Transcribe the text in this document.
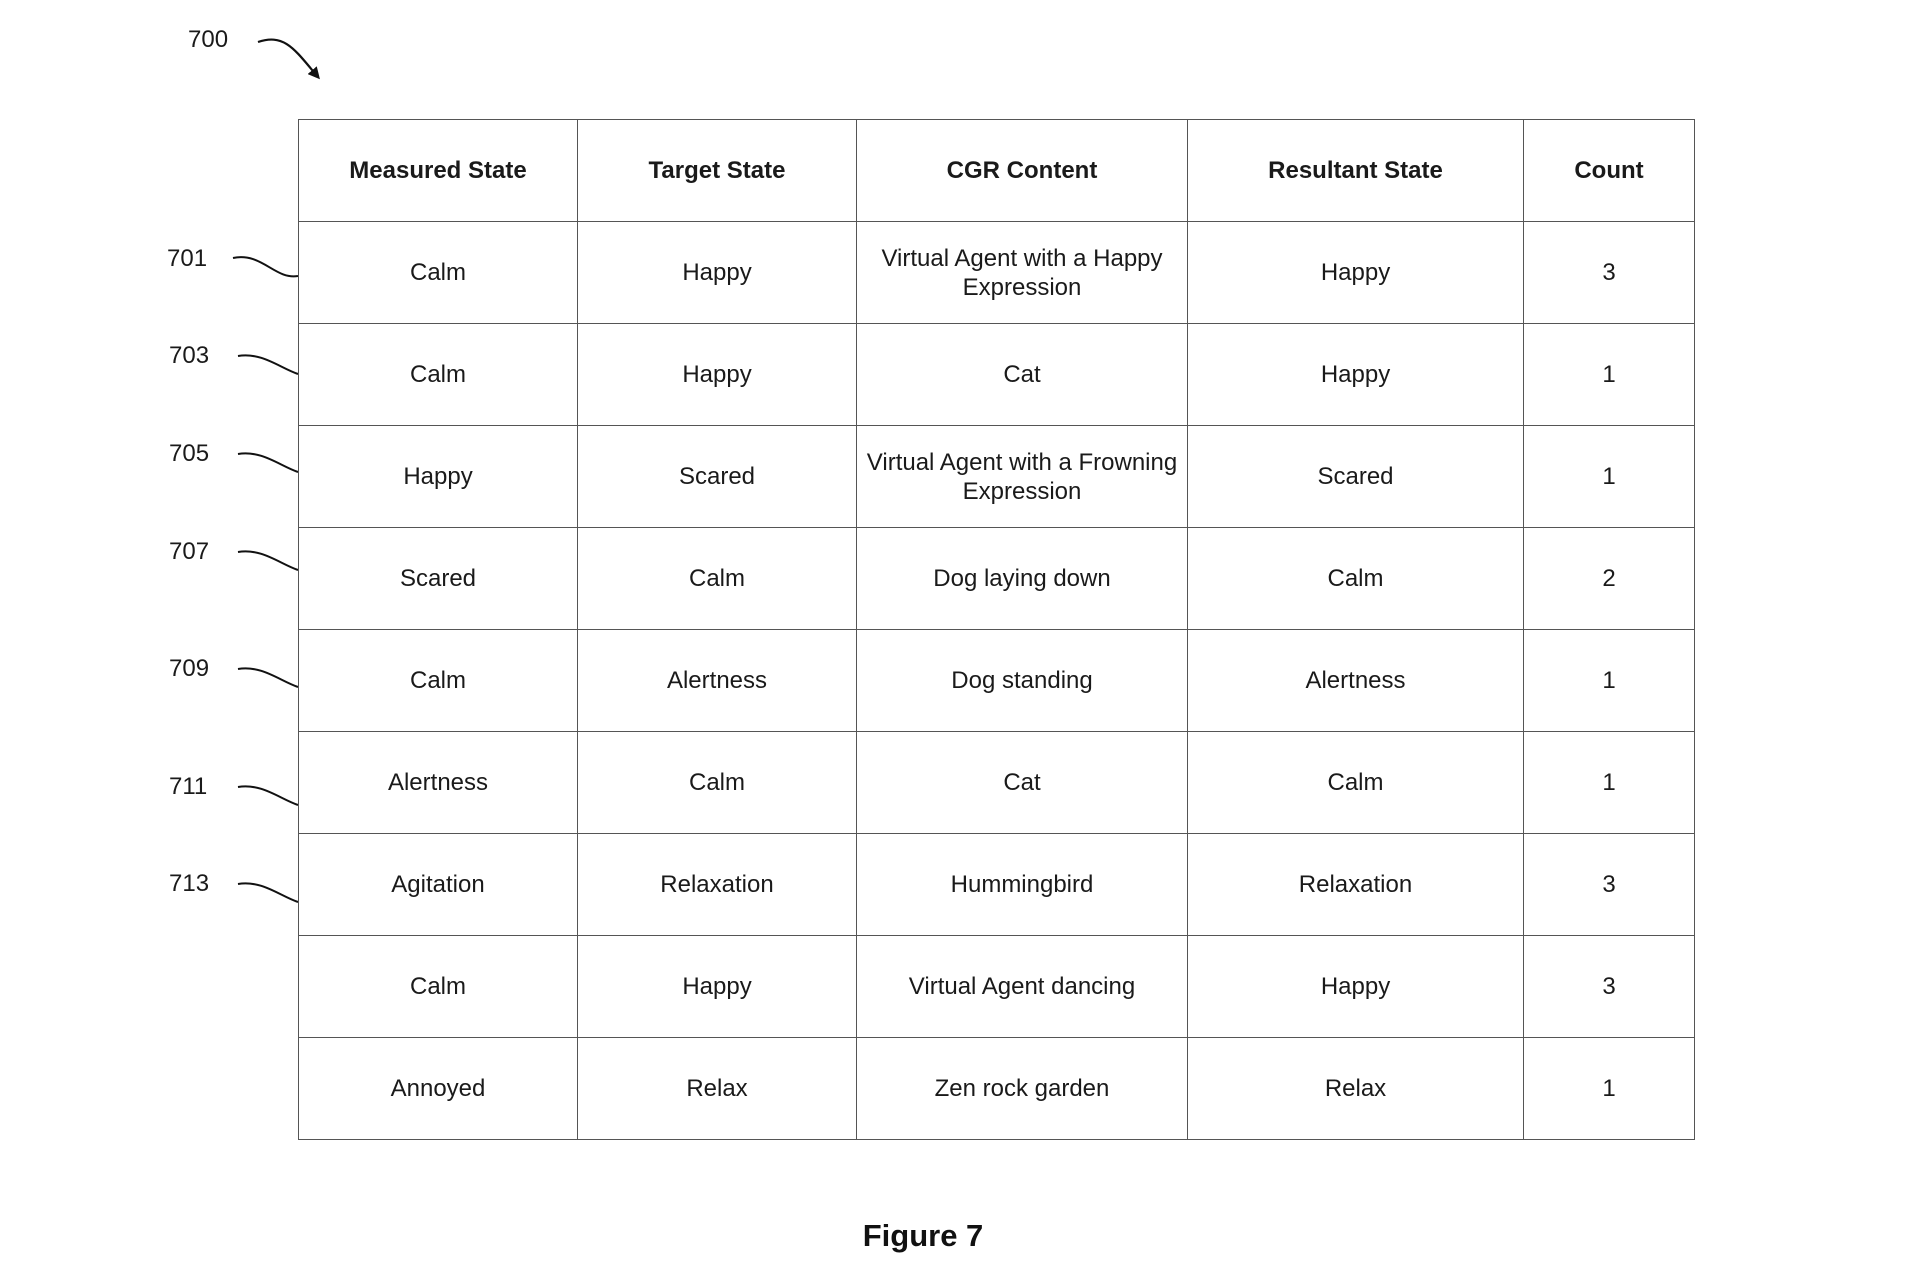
700
701
703
705
707
709
711
713
Measured State	Target State	CGR Content	Resultant State	Count
Calm	Happy	Virtual Agent with a Happy Expression	Happy	3
Calm	Happy	Cat	Happy	1
Happy	Scared	Virtual Agent with a Frowning Expression	Scared	1
Scared	Calm	Dog laying down	Calm	2
Calm	Alertness	Dog standing	Alertness	1
Alertness	Calm	Cat	Calm	1
Agitation	Relaxation	Hummingbird	Relaxation	3
Calm	Happy	Virtual Agent dancing	Happy	3
Annoyed	Relax	Zen rock garden	Relax	1
Figure 7
